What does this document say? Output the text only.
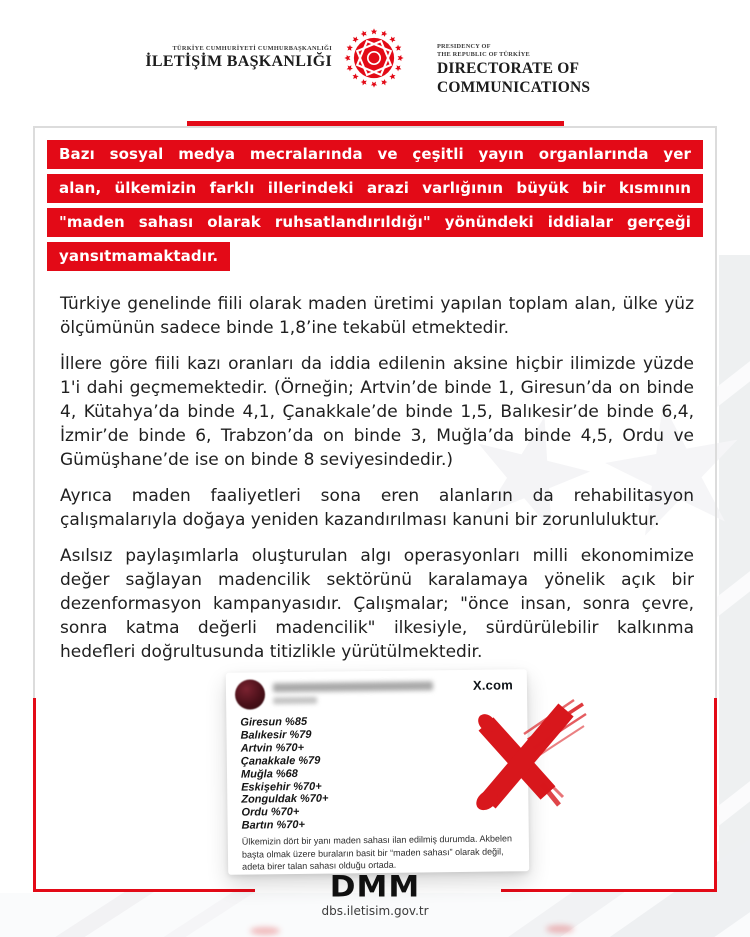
TÜRKİYE CUMHURİYETİ CUMHURBAŞKANLIĞI
İLETİŞİM BAŞKANLIĞI
PRESIDENCY OF
THE REPUBLIC OF TÜRKİYE
DIRECTORATE OF
COMMUNICATIONS
Bazı sosyal medya mecralarında ve çeşitli yayın organlarında yer
alan, ülkemizin farklı illerindeki arazi varlığının büyük bir kısmının
"maden sahası olarak ruhsatlandırıldığı" yönündeki iddialar gerçeği
yansıtmamaktadır.

Türkiye genelinde fiili olarak maden üretimi yapılan toplam alan, ülke yüz ölçümünün sadece binde 1,8’ine tekabül etmektedir.

İllere göre fiili kazı oranları da iddia edilenin aksine hiçbir ilimizde yüzde 1'i dahi geçmemektedir. (Örneğin; Artvin’de binde 1, Giresun’da on binde 4, Kütahya’da binde 4,1, Çanakkale’de binde 1,5, Balıkesir’de binde 6,4, İzmir’de binde 6, Trabzon’da on binde 3, Muğla’da binde 4,5, Ordu ve Gümüşhane’de ise on binde 8 seviyesindedir.)

Ayrıca maden faaliyetleri sona eren alanların da rehabilitasyon çalışmalarıyla doğaya yeniden kazandırılması kanuni bir zorunluluktur.

Asılsız paylaşımlarla oluşturulan algı operasyonları milli ekonomimize değer sağlayan madencilik sektörünü karalamaya yönelik açık bir dezenformasyon kampanyasıdır. Çalışmalar; "önce insan, sonra çevre, sonra katma değerli madencilik" ilkesiyle, sürdürülebilir kalkınma hedefleri doğrultusunda titizlikle yürütülmektedir.

X.com
Giresun %85
Balıkesir %79
Artvin %70+
Çanakkale %79
Muğla %68
Eskişehir %70+
Zonguldak %70+
Ordu %70+
Bartın %70+
Ülkemizin dört bir yanı maden sahası ilan edilmiş durumda. Akbelen başta olmak üzere buraların basit bir “maden sahası” olarak değil, adeta birer talan sahası olduğu ortada.
DMM
dbs.iletisim.gov.tr
